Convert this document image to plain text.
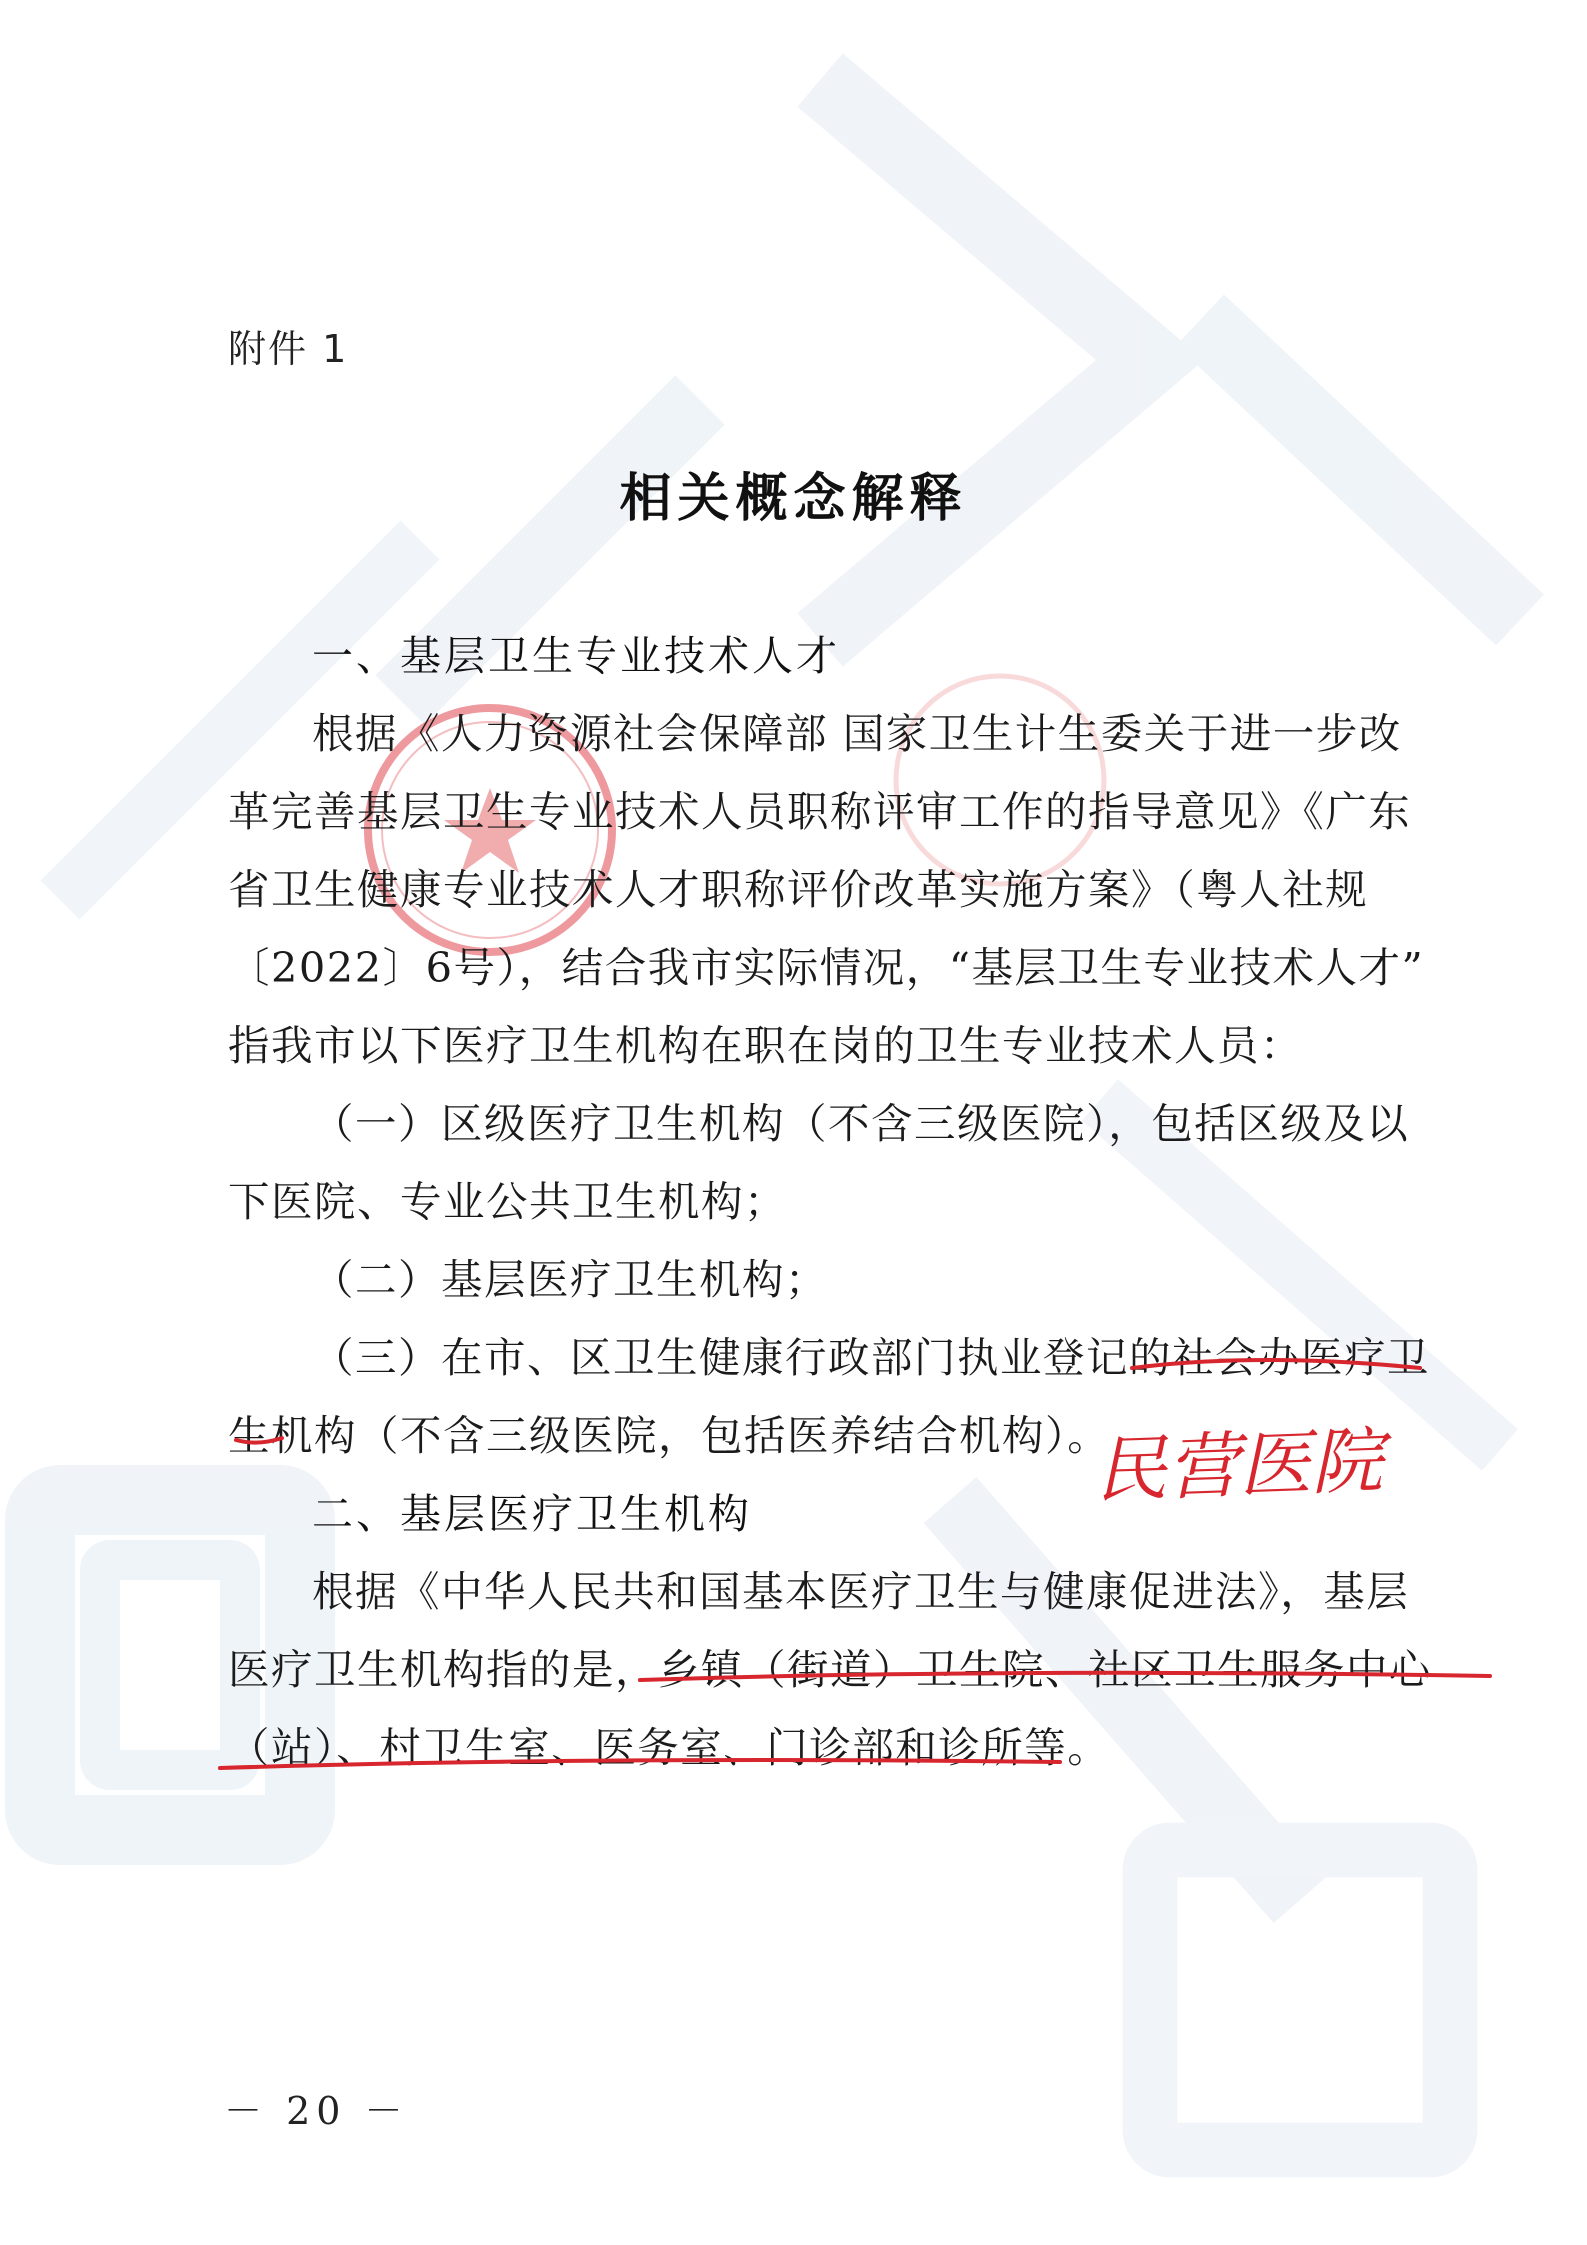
附件 1
相关概念解释

一、基层卫生专业技术人才

根据《人力资源社会保障部 国家卫生计生委关于进一步改

革完善基层卫生专业技术人员职称评审工作的指导意见》《广东

省卫生健康专业技术人才职称评价改革实施方案》（粤人社规

〔2022〕6号），结合我市实际情况，“基层卫生专业技术人才”

指我市以下医疗卫生机构在职在岗的卫生专业技术人员：

（一）区级医疗卫生机构（不含三级医院），包括区级及以

下医院、专业公共卫生机构；

（二）基层医疗卫生机构；

（三）在市、区卫生健康行政部门执业登记的社会办医疗卫

生机构（不含三级医院，包括医养结合机构）。

二、基层医疗卫生机构

根据《中华人民共和国基本医疗卫生与健康促进法》，基层

医疗卫生机构指的是，乡镇（街道）卫生院、社区卫生服务中心

（站）、村卫生室、医务室、门诊部和诊所等。

民营医院
－ 20 －
